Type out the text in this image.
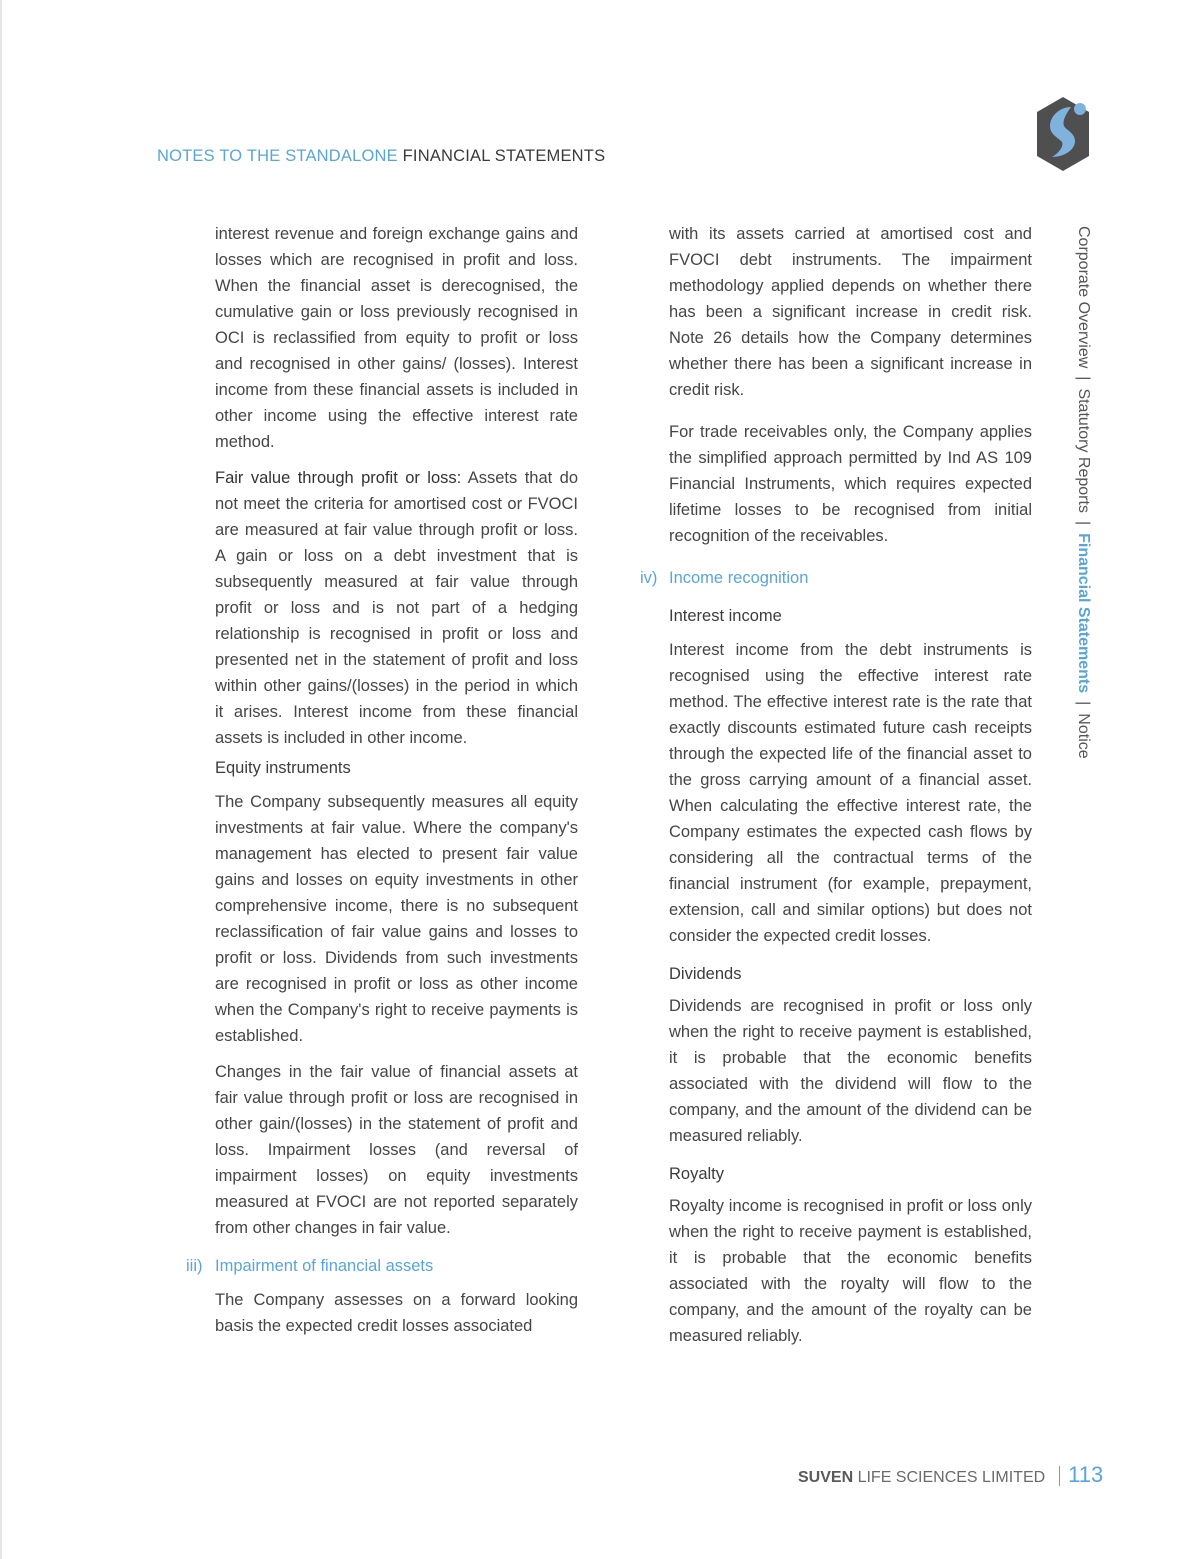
NOTES TO THE STANDALONE FINANCIAL STATEMENTS

interest revenue and foreign exchange gains and losses which are recognised in profit and loss. When the financial asset is derecognised, the cumulative gain or loss previously recognised in OCI is reclassified from equity to profit or loss and recognised in other gains/ (losses). Interest income from these financial assets is included in other income using the effective interest rate method.

Fair value through profit or loss: Assets that do not meet the criteria for amortised cost or FVOCI are measured at fair value through profit or loss. A gain or loss on a debt investment that is subsequently measured at fair value through profit or loss and is not part of a hedging relationship is recognised in profit or loss and presented net in the statement of profit and loss within other gains/(losses) in the period in which it arises. Interest income from these financial assets is included in other income.

Equity instruments

The Company subsequently measures all equity investments at fair value. Where the company's management has elected to present fair value gains and losses on equity investments in other comprehensive income, there is no subsequent reclassification of fair value gains and losses to profit or loss. Dividends from such investments are recognised in profit or loss as other income when the Company's right to receive payments is established.

Changes in the fair value of financial assets at fair value through profit or loss are recognised in other gain/(losses) in the statement of profit and loss. Impairment losses (and reversal of impairment losses) on equity investments measured at FVOCI are not reported separately from other changes in fair value.

iii) Impairment of financial assets

The Company assesses on a forward looking basis the expected credit losses associated

with its assets carried at amortised cost and FVOCI debt instruments. The impairment methodology applied depends on whether there has been a significant increase in credit risk. Note 26 details how the Company determines whether there has been a significant increase in credit risk.

For trade receivables only, the Company applies the simplified approach permitted by Ind AS 109 Financial Instruments, which requires expected lifetime losses to be recognised from initial recognition of the receivables.

iv) Income recognition
Interest income

Interest income from the debt instruments is recognised using the effective interest rate method. The effective interest rate is the rate that exactly discounts estimated future cash receipts through the expected life of the financial asset to the gross carrying amount of a financial asset. When calculating the effective interest rate, the Company estimates the expected cash flows by considering all the contractual terms of the financial instrument (for example, prepayment, extension, call and similar options) but does not consider the expected credit losses.

Dividends

Dividends are recognised in profit or loss only when the right to receive payment is established, it is probable that the economic benefits associated with the dividend will flow to the company, and the amount of the dividend can be measured reliably.

Royalty

Royalty income is recognised in profit or loss only when the right to receive payment is established, it is probable that the economic benefits associated with the royalty will flow to the company, and the amount of the royalty can be measured reliably.

Corporate Overview|Statutory Reports|Financial Statements|Notice
SUVEN LIFE SCIENCES LIMITED 113
